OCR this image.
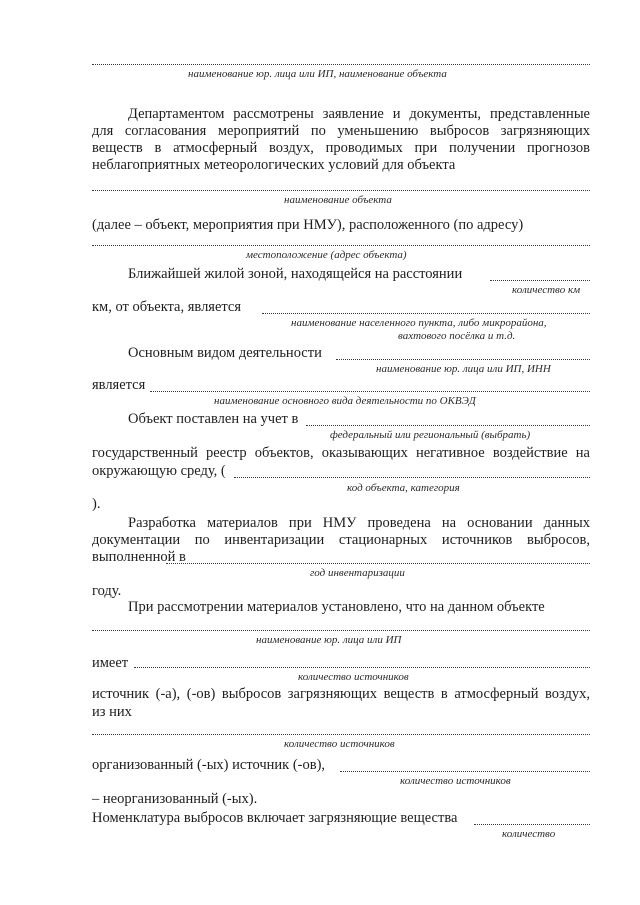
наименование юр. лица или ИП, наименование объекта
Департаментом рассмотрены заявление и документы, представленные
для согласования мероприятий по уменьшению выбросов загрязняющих
веществ в атмосферный воздух, проводимых при получении прогнозов
неблагоприятных метеорологических условий для объекта
наименование объекта
(далее – объект, мероприятия при НМУ), расположенного (по адресу)
местоположение (адрес объекта)
Ближайшей жилой зоной, находящейся на расстоянии
количество км
км, от объекта, является
наименование населенного пункта, либо микрорайона,
вахтового посёлка и т.д.
Основным видом деятельности
наименование юр. лица или ИП, ИНН
является
наименование основного вида деятельности по ОКВЭД
Объект поставлен на учет в
федеральный или региональный (выбрать)
государственный реестр объектов, оказывающих негативное воздействие на
окружающую среду, (
код объекта, категория
).
Разработка материалов при НМУ проведена на основании данных
документации по инвентаризации стационарных источников выбросов,
выполненной в
год инвентаризации
году.
При рассмотрении материалов установлено, что на данном объекте
наименование юр. лица или ИП
имеет
количество источников
источник (-а), (-ов) выбросов загрязняющих веществ в атмосферный воздух,
из них
количество источников
организованный (-ых) источник (-ов),
количество источников
– неорганизованный (-ых).
Номенклатура выбросов включает загрязняющие вещества
количество
